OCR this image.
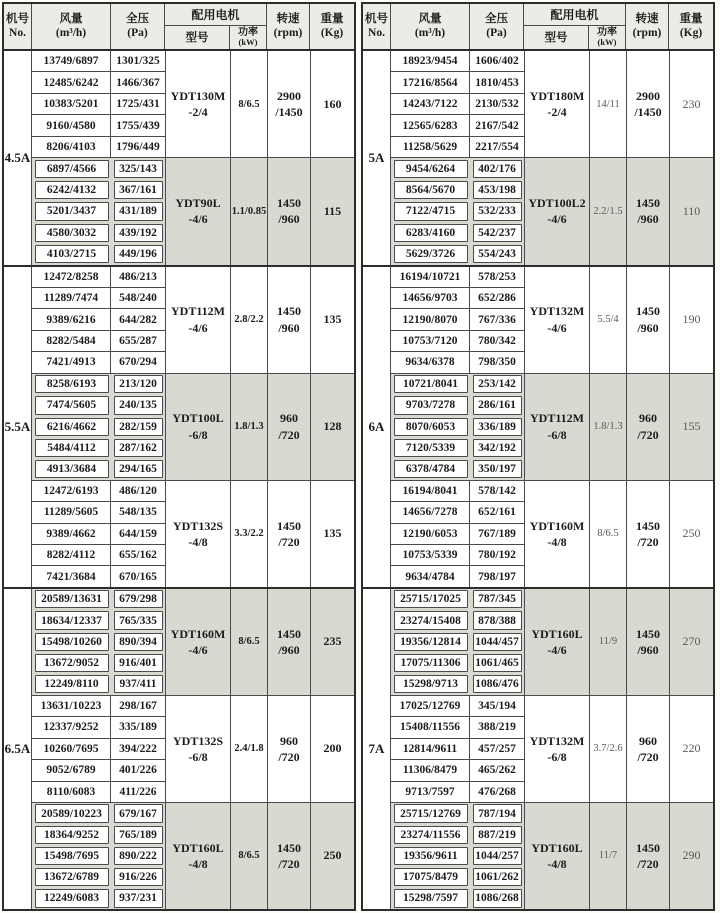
机号
No.
风量
(m³/h)
全压
(Pa)
配用电机
型号
功率
(kW)
转速
(rpm)
重量
(Kg)
4.5A
13749/6897
12485/6242
10383/5201
9160/4580
8206/4103
1301/325
1466/367
1725/431
1755/439
1796/449
YDT130M
-2/4
8/6.5
2900
/1450
160
6897/4566
6242/4132
5201/3437
4580/3032
4103/2715
325/143
367/161
431/189
439/192
449/196
YDT90L
-4/6
1.1/0.85
1450
/960
115
5.5A
12472/8258
11289/7474
9389/6216
8282/5484
7421/4913
486/213
548/240
644/282
655/287
670/294
YDT112M
-4/6
2.8/2.2
1450
/960
135
8258/6193
7474/5605
6216/4662
5484/4112
4913/3684
213/120
240/135
282/159
287/162
294/165
YDT100L
-6/8
1.8/1.3
960
/720
128
12472/6193
11289/5605
9389/4662
8282/4112
7421/3684
486/120
548/135
644/159
655/162
670/165
YDT132S
-4/8
3.3/2.2
1450
/720
135
6.5A
20589/13631
18634/12337
15498/10260
13672/9052
12249/8110
679/298
765/335
890/394
916/401
937/411
YDT160M
-4/6
8/6.5
1450
/960
235
13631/10223
12337/9252
10260/7695
9052/6789
8110/6083
298/167
335/189
394/222
401/226
411/226
YDT132S
-6/8
2.4/1.8
960
/720
200
20589/10223
18364/9252
15498/7695
13672/6789
12249/6083
679/167
765/189
890/222
916/226
937/231
YDT160L
-4/8
8/6.5
1450
/720
250
机号
No.
风量
(m³/h)
全压
(Pa)
配用电机
型号
功率
(kW)
转速
(rpm)
重量
(Kg)
5A
18923/9454
17216/8564
14243/7122
12565/6283
11258/5629
1606/402
1810/453
2130/532
2167/542
2217/554
YDT180M
-2/4
14/11
2900
/1450
230
9454/6264
8564/5670
7122/4715
6283/4160
5629/3726
402/176
453/198
532/233
542/237
554/243
YDT100L2
-4/6
2.2/1.5
1450
/960
110
6A
16194/10721
14656/9703
12190/8070
10753/7120
9634/6378
578/253
652/286
767/336
780/342
798/350
YDT132M
-4/6
5.5/4
1450
/960
190
10721/8041
9703/7278
8070/6053
7120/5339
6378/4784
253/142
286/161
336/189
342/192
350/197
YDT112M
-6/8
1.8/1.3
960
/720
155
16194/8041
14656/7278
12190/6053
10753/5339
9634/4784
578/142
652/161
767/189
780/192
798/197
YDT160M
-4/8
8/6.5
1450
/720
250
7A
25715/17025
23274/15408
19356/12814
17075/11306
15298/9713
787/345
878/388
1044/457
1061/465
1086/476
YDT160L
-4/6
11/9
1450
/960
270
17025/12769
15408/11556
12814/9611
11306/8479
9713/7597
345/194
388/219
457/257
465/262
476/268
YDT132M
-6/8
3.7/2.6
960
/720
220
25715/12769
23274/11556
19356/9611
17075/8479
15298/7597
787/194
887/219
1044/257
1061/262
1086/268
YDT160L
-4/8
11/7
1450
/720
290
